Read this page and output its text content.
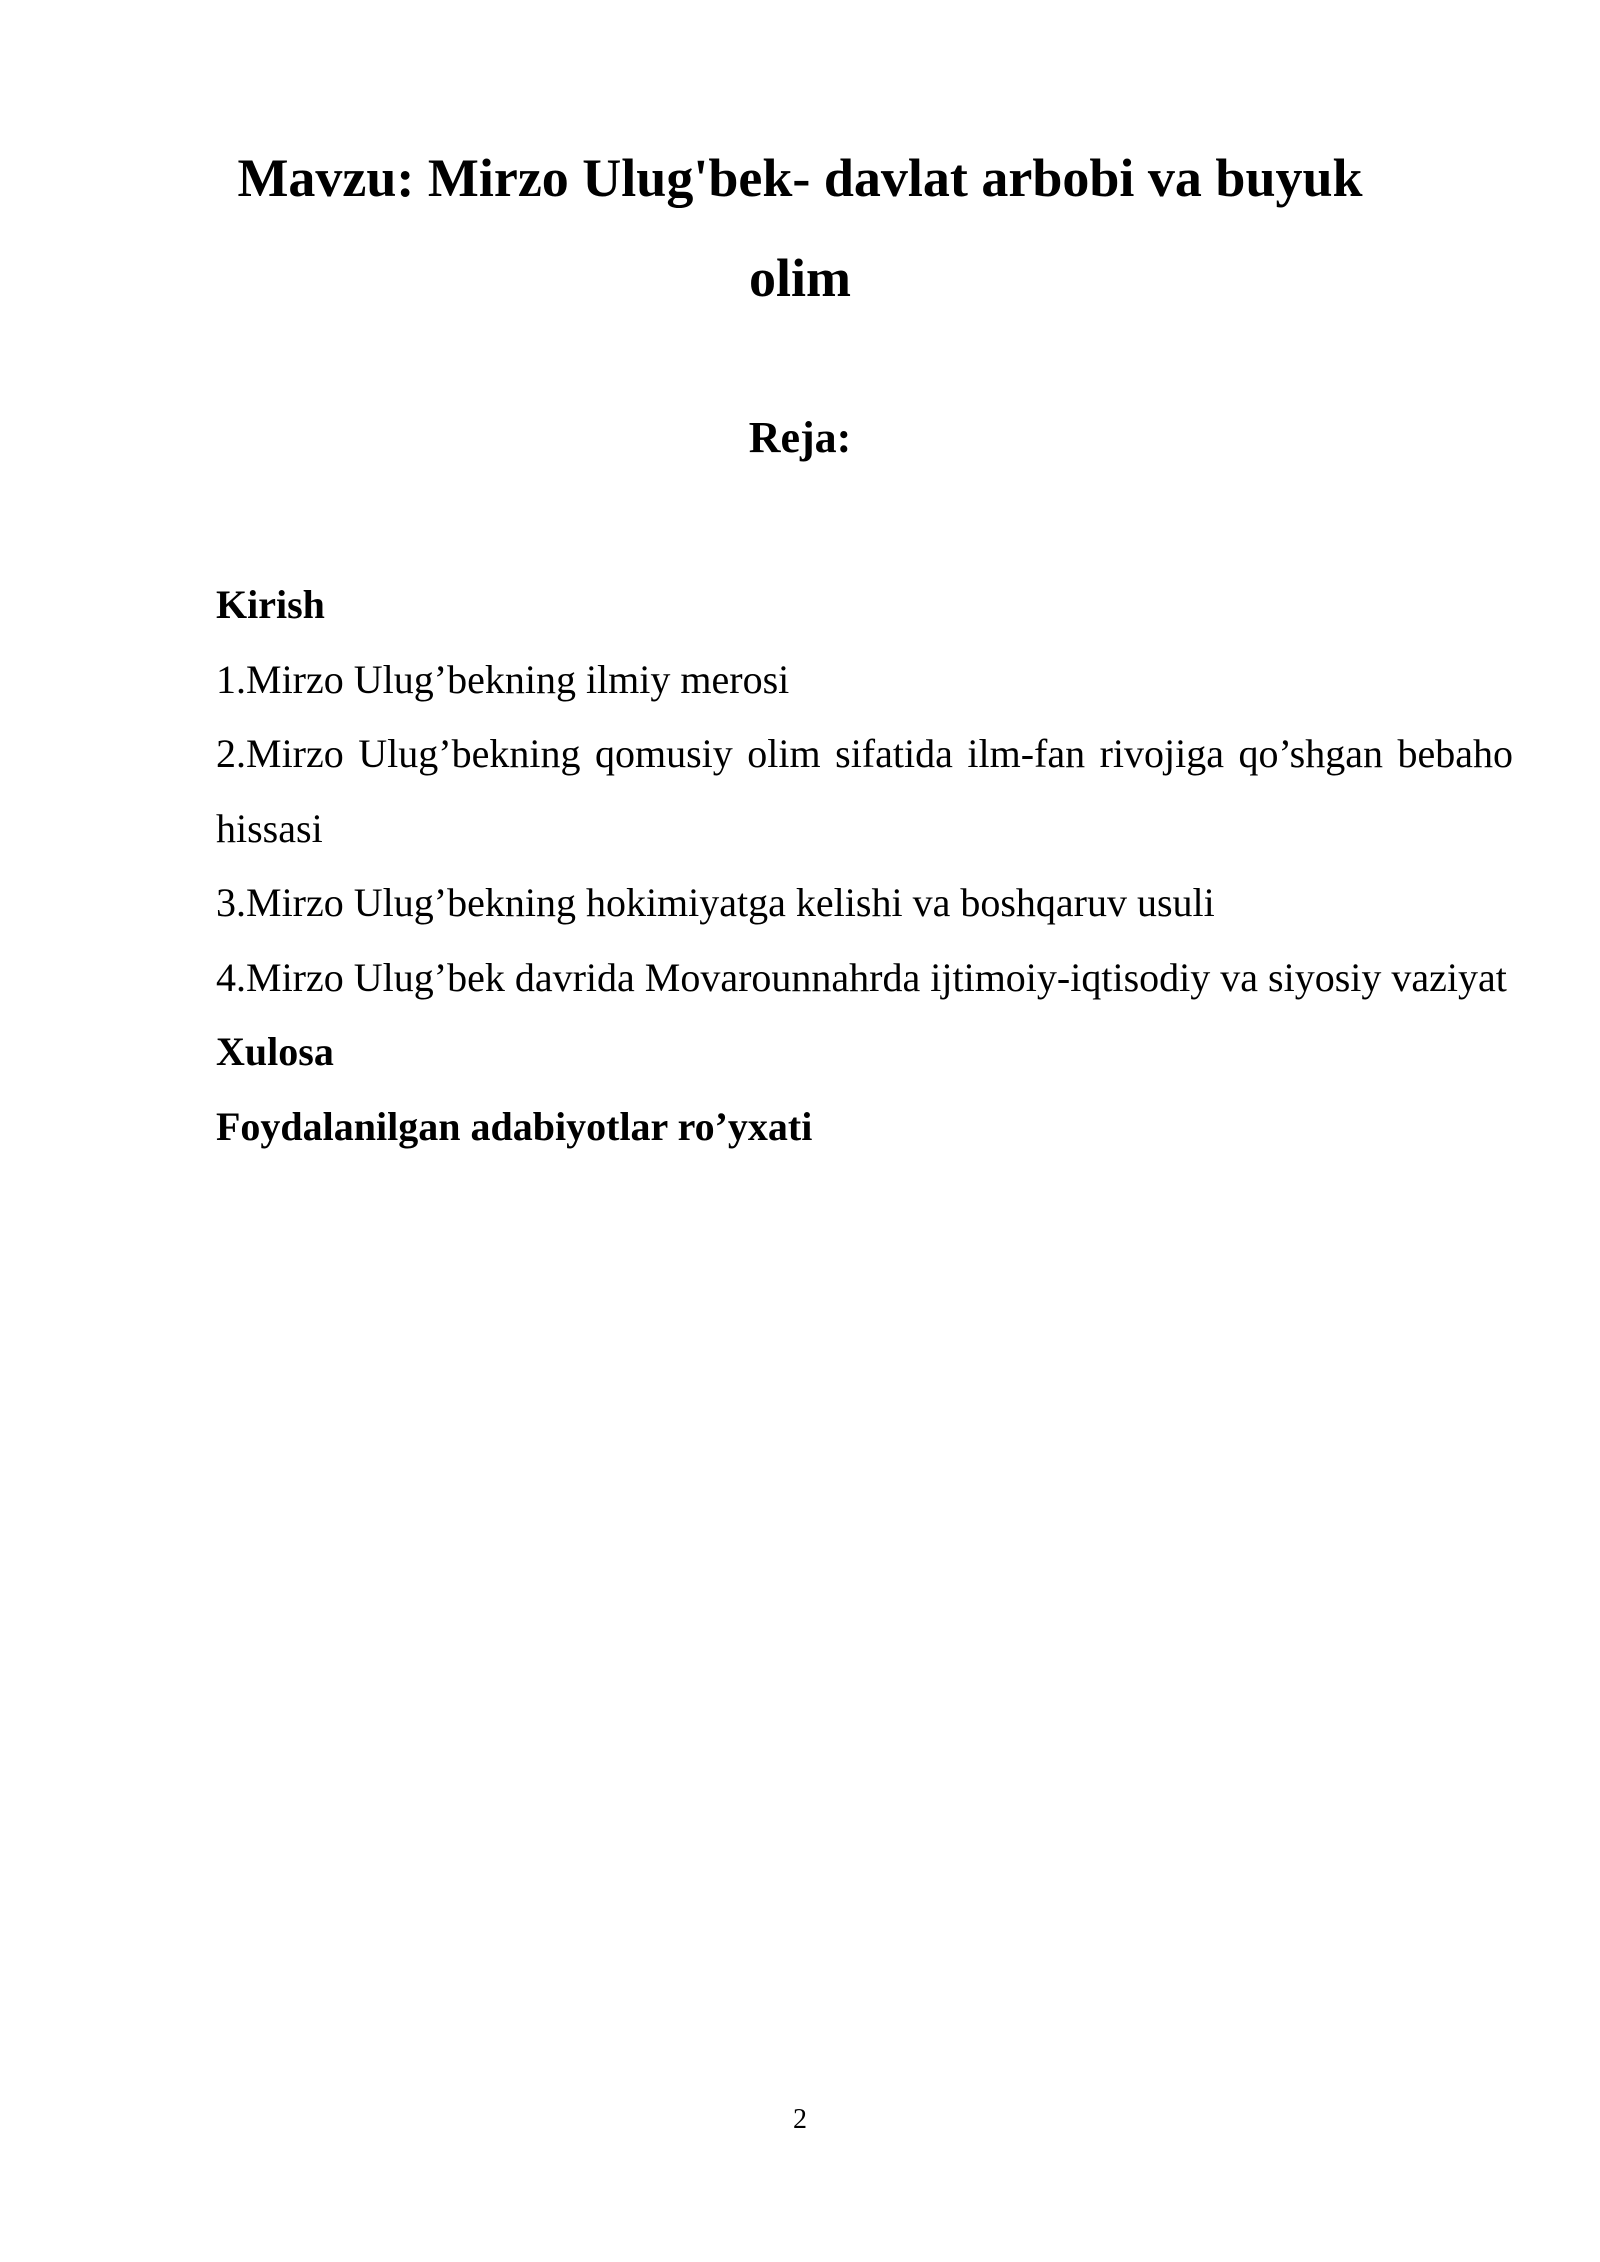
Mavzu: Mirzo Ulug'bek- davlat arbobi va buyuk olim
Reja:

Kirish

1.Mirzo Ulug’bekning ilmiy merosi

2.Mirzo Ulug’bekning qomusiy olim sifatida ilm-fan rivojiga qo’shgan bebaho hissasi

3.Mirzo Ulug’bekning hokimiyatga kelishi va boshqaruv usuli

4.Mirzo Ulug’bek davrida Movarounnahrda ijtimoiy-iqtisodiy va siyosiy vaziyat

Xulosa

Foydalanilgan adabiyotlar ro’yxati

2
